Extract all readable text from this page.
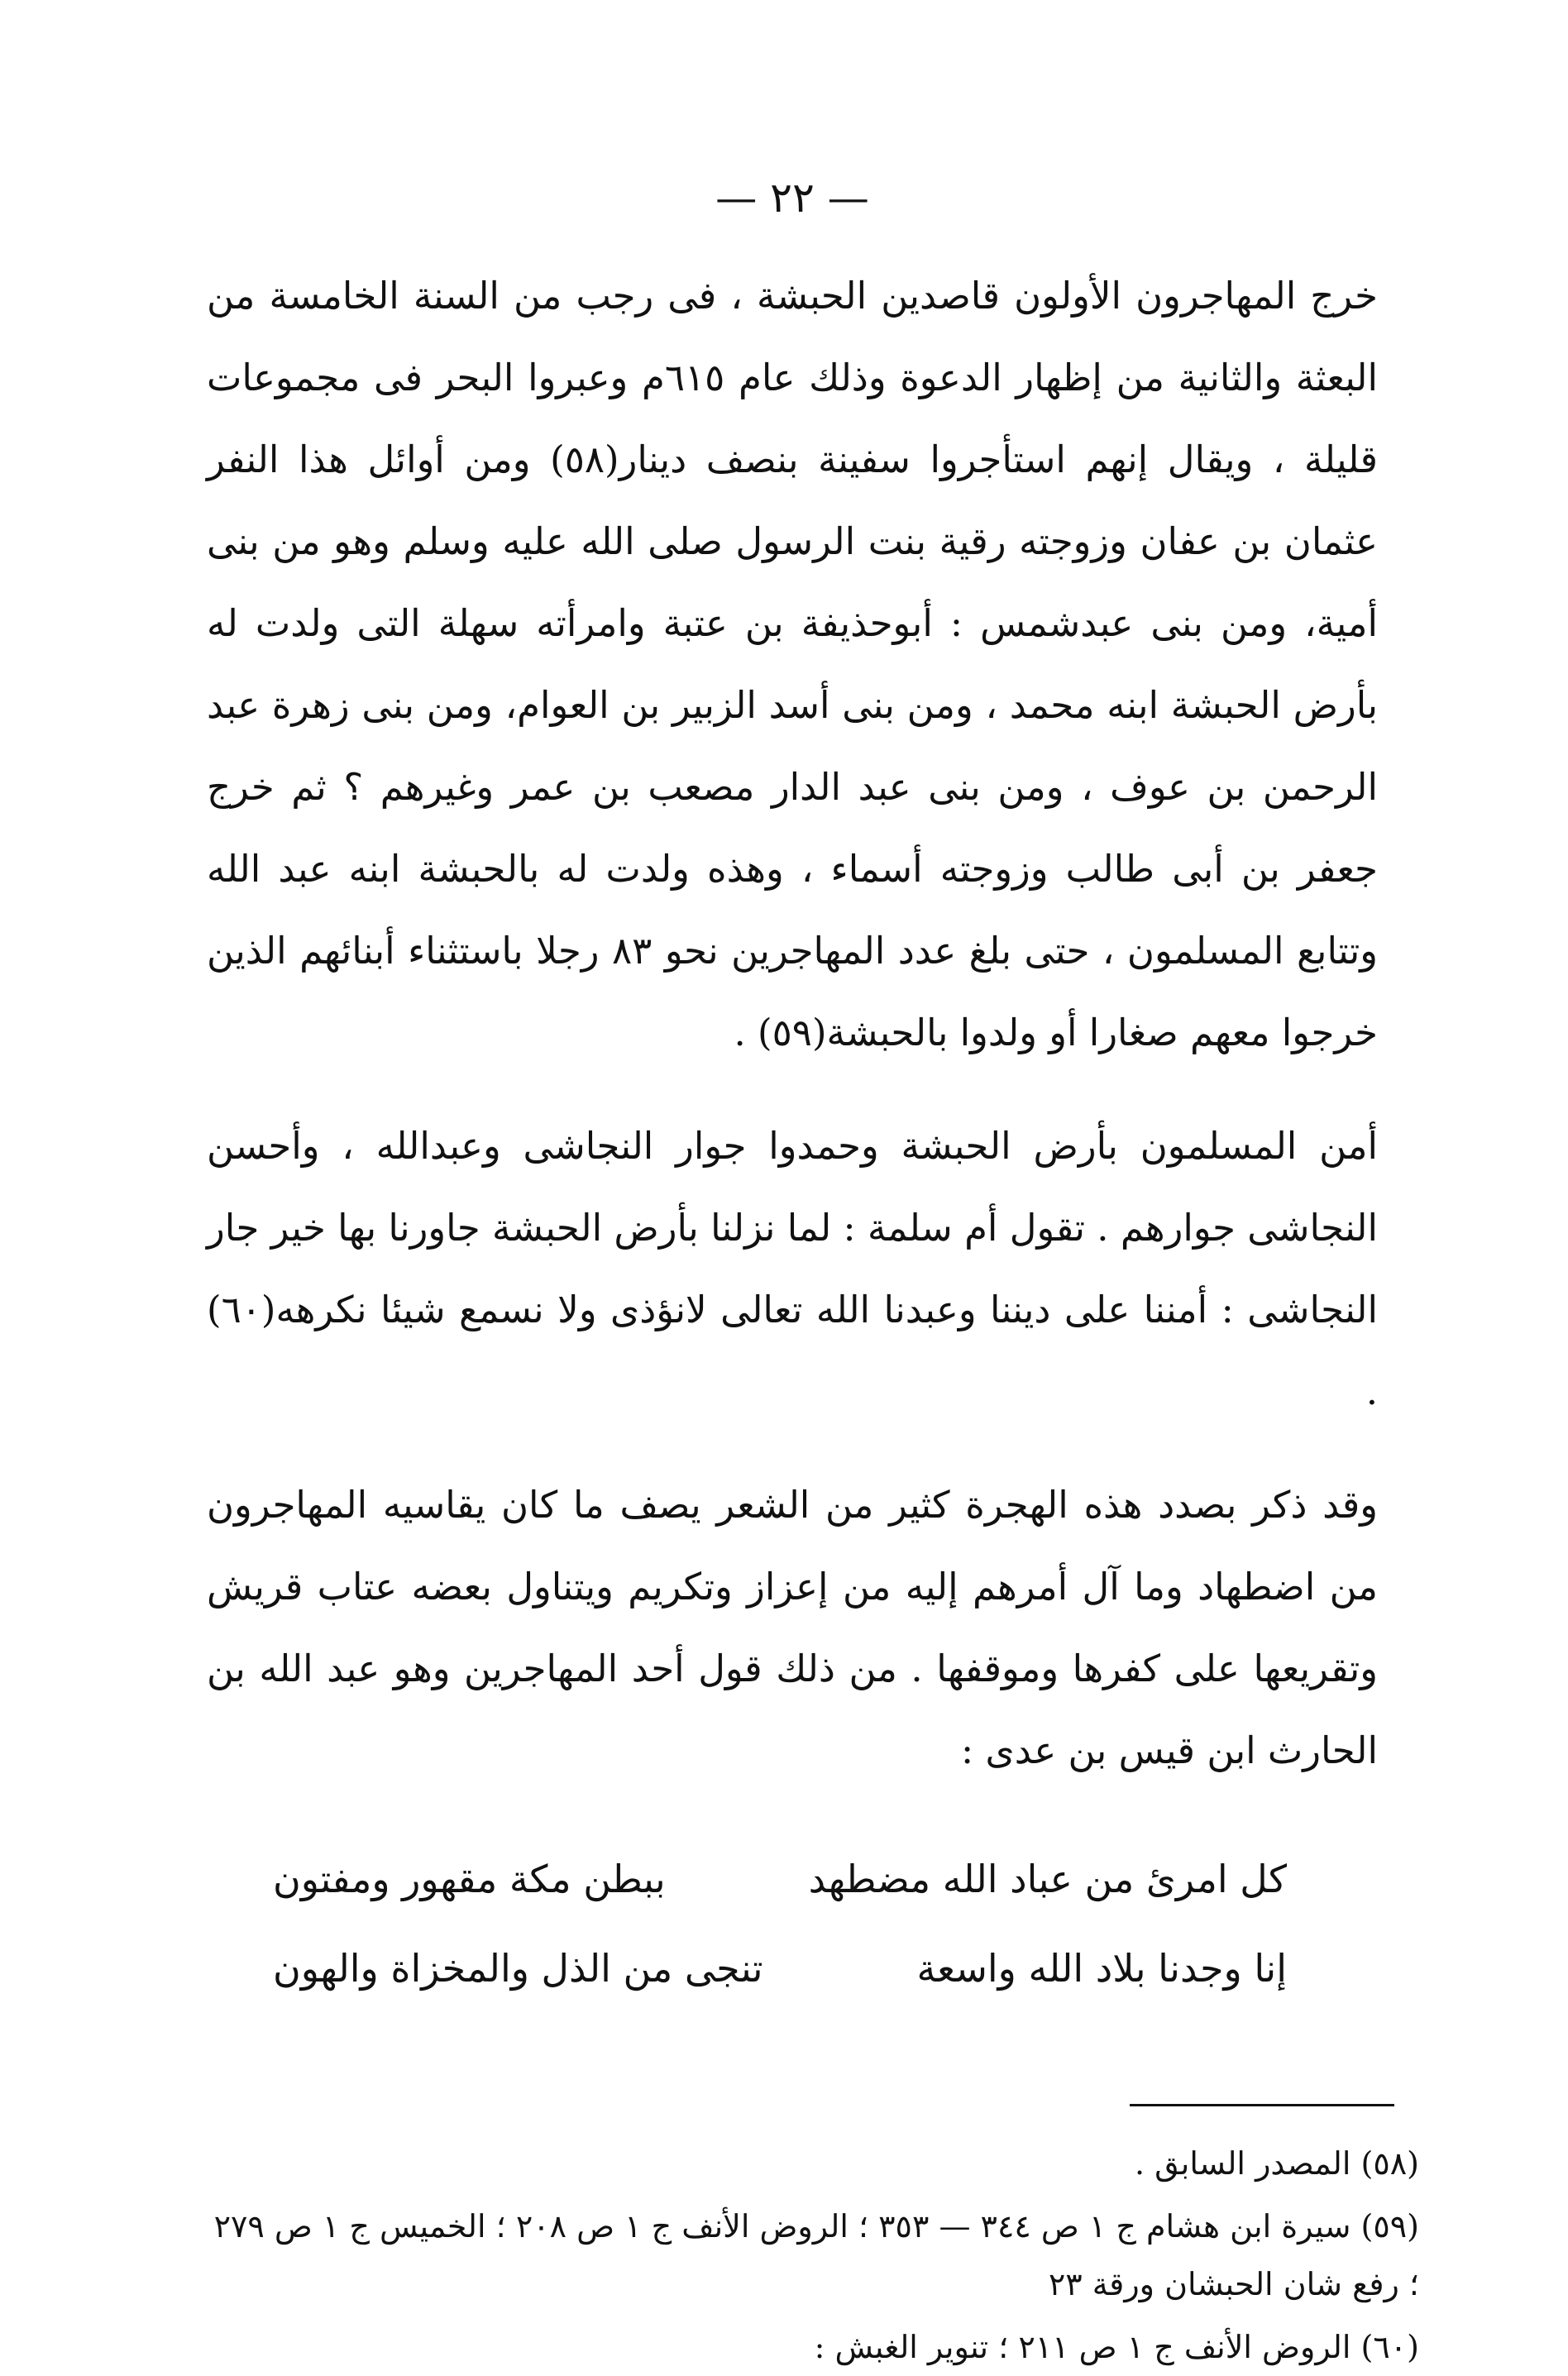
— ٢٢ —

خرج المهاجرون الأولون قاصدين الحبشة ، فى رجب من السنة الخامسة من البعثة والثانية من إظهار الدعوة وذلك عام ٦١٥م وعبروا البحر فى مجموعات قليلة ، ويقال إنهم استأجروا سفينة بنصف دينار(٥٨) ومن أوائل هذا النفر عثمان بن عفان وزوجته رقية بنت الرسول صلى الله عليه وسلم وهو من بنى أمية، ومن بنى عبدشمس : أبوحذيفة بن عتبة وامرأته سهلة التى ولدت له بأرض الحبشة ابنه محمد ، ومن بنى أسد الزبير بن العوام، ومن بنى زهرة عبد الرحمن بن عوف ، ومن بنى عبد الدار مصعب بن عمر وغيرهم ؟ ثم خرج جعفر بن أبى طالب وزوجته أسماء ، وهذه ولدت له بالحبشة ابنه عبد الله وتتابع المسلمون ، حتى بلغ عدد المهاجرين نحو ٨٣ رجلا باستثناء أبنائهم الذين خرجوا معهم صغارا أو ولدوا بالحبشة(٥٩) .

أمن المسلمون بأرض الحبشة وحمدوا جوار النجاشى وعبدالله ، وأحسن النجاشى جوارهم . تقول أم سلمة : لما نزلنا بأرض الحبشة جاورنا بها خير جار النجاشى : أمننا على ديننا وعبدنا الله تعالى لانؤذى ولا نسمع شيئا نكرهه(٦٠) .

وقد ذكر بصدد هذه الهجرة كثير من الشعر يصف ما كان يقاسيه المهاجرون من اضطهاد وما آل أمرهم إليه من إعزاز وتكريم ويتناول بعضه عتاب قريش وتقريعها على كفرها وموقفها . من ذلك قول أحد المهاجرين وهو عبد الله بن الحارث ابن قيس بن عدى :

كل امرئ من عباد الله مضطهد
ببطن مكة مقهور ومفتون
إنا وجدنا بلاد الله واسعة
تنجى من الذل والمخزاة والهون

(٥٨) المصدر السابق .

(٥٩) سيرة ابن هشام ج ١ ص ٣٤٤ — ٣٥٣ ؛ الروض الأنف ج ١ ص ٢٠٨ ؛ الخميس ج ١ ص ٢٧٩ ؛ رفع شان الحبشان ورقة ٢٣

(٦٠) الروض الأنف ج ١ ص ٢١١ ؛ تنوير الغبش :
